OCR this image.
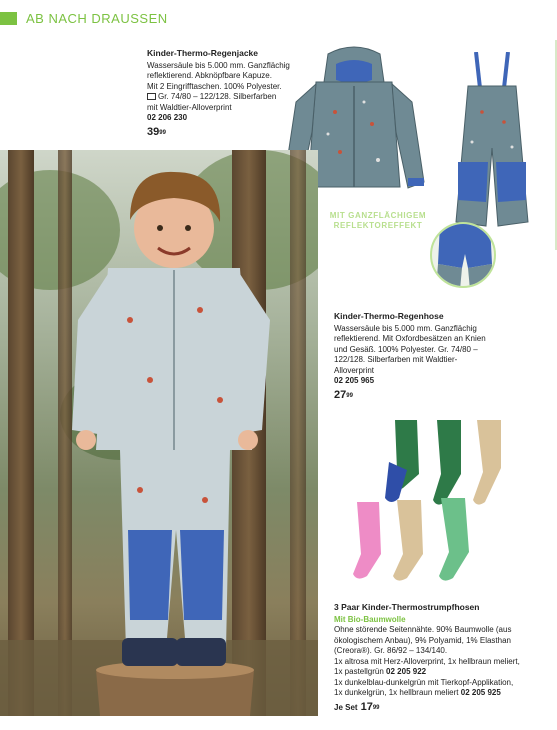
AB NACH DRAUSSEN

Kinder-Thermo-Regenjacke

Wassersäule bis 5.000 mm. Ganzflächig

reflektierend. Abknöpfbare Kapuze.

Mit 2 Eingrifftaschen. 100% Polyester.

Gr. 74/80 – 122/128. Silberfarben

mit Waldtier-Alloverprint

02 206 230

$39^{99}$

MIT GANZFLÄCHIGEM
REFLEKTOREFFEKT

Kinder-Thermo-Regenhose

Wassersäule bis 5.000 mm. Ganzflächig

reflektierend. Mit Oxfordbesätzen an Knien

und Gesäß. 100% Polyester. Gr. 74/80 –

122/128. Silberfarben mit Waldtier-

Alloverprint

02 205 965

$27^{99}$

3 Paar Kinder-Thermostrumpfhosen

Mit Bio-Baumwolle

Ohne störende Seitennähte. 90% Baumwolle (aus

ökologischem Anbau), 9% Polyamid, 1% Elasthan

(Creora®). Gr. 86/92 – 134/140.

1x altrosa mit Herz-Alloverprint, 1x hellbraun meliert,

1x pastellgrün 02 205 922

1x dunkelblau-dunkelgrün mit Tierkopf-Applikation,

1x dunkelgrün, 1x hellbraun meliert 02 205 925

Je Set $17^{99}$
